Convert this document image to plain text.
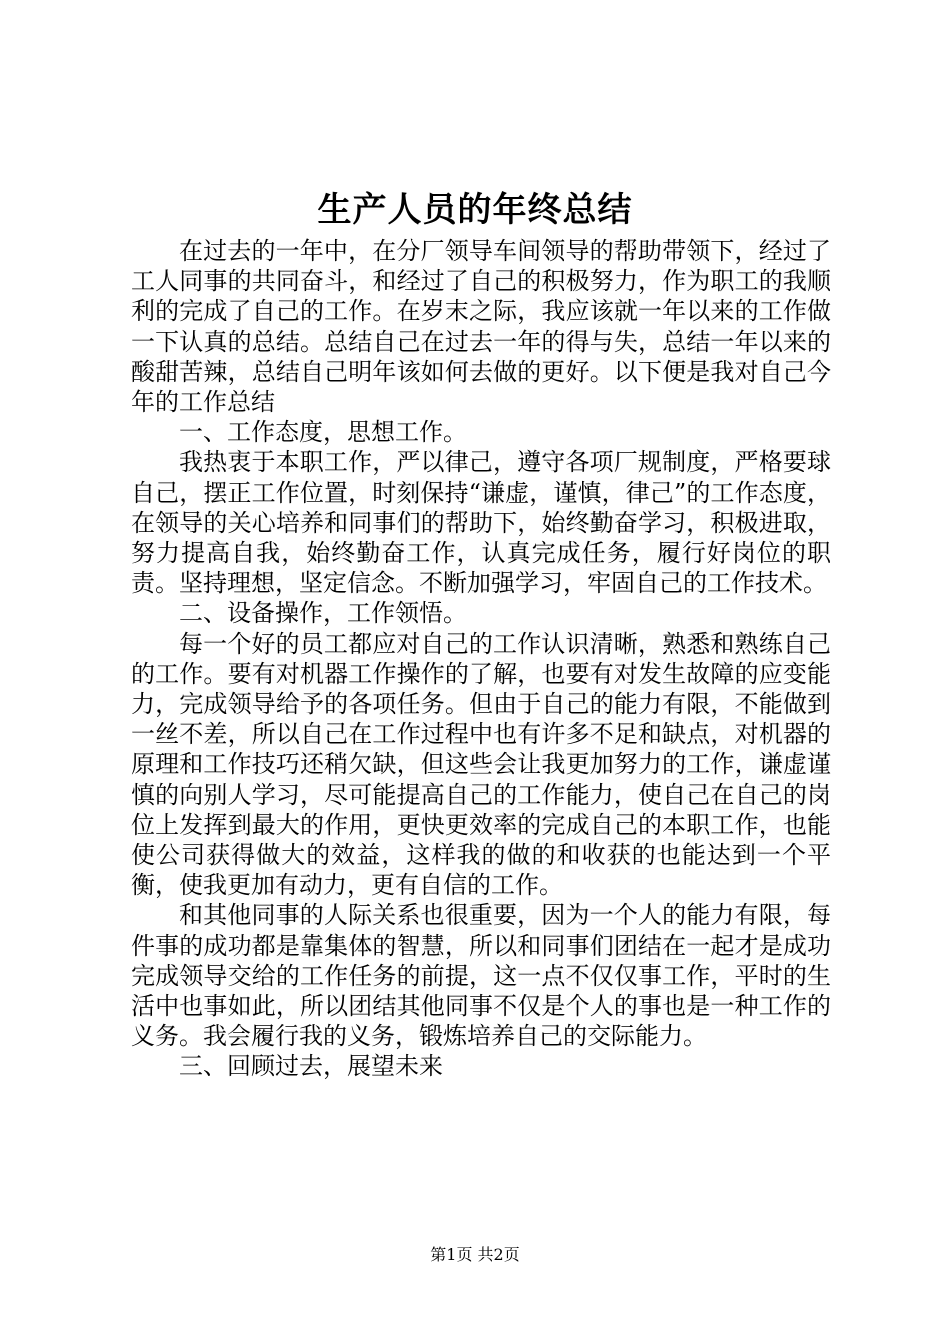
生产人员的年终总结

在过去的一年中，在分厂领导车间领导的帮助带领下，经过了工人同事的共同奋斗，和经过了自己的积极努力，作为职工的我顺利的完成了自己的工作。在岁末之际，我应该就一年以来的工作做一下认真的总结。总结自己在过去一年的得与失，总结一年以来的酸甜苦辣，总结自己明年该如何去做的更好。以下便是我对自己今年的工作总结

一、工作态度，思想工作。

我热衷于本职工作，严以律己，遵守各项厂规制度，严格要球自己，摆正工作位置，时刻保持“谦虚，谨慎，律己”的工作态度，在领导的关心培养和同事们的帮助下，始终勤奋学习，积极进取，努力提高自我，始终勤奋工作，认真完成任务，履行好岗位的职责。坚持理想，坚定信念。不断加强学习，牢固自己的工作技术。

二、设备操作，工作领悟。

每一个好的员工都应对自己的工作认识清晰，熟悉和熟练自己的工作。要有对机器工作操作的了解，也要有对发生故障的应变能力，完成领导给予的各项任务。但由于自己的能力有限，不能做到一丝不差，所以自己在工作过程中也有许多不足和缺点，对机器的原理和工作技巧还稍欠缺，但这些会让我更加努力的工作，谦虚谨慎的向别人学习，尽可能提高自己的工作能力，使自己在自己的岗位上发挥到最大的作用，更快更效率的完成自己的本职工作，也能使公司获得做大的效益，这样我的做的和收获的也能达到一个平衡，使我更加有动力，更有自信的工作。

和其他同事的人际关系也很重要，因为一个人的能力有限，每件事的成功都是靠集体的智慧，所以和同事们团结在一起才是成功完成领导交给的工作任务的前提，这一点不仅仅事工作，平时的生活中也事如此，所以团结其他同事不仅是个人的事也是一种工作的义务。我会履行我的义务，锻炼培养自己的交际能力。

三、回顾过去，展望未来

第1页 共2页
